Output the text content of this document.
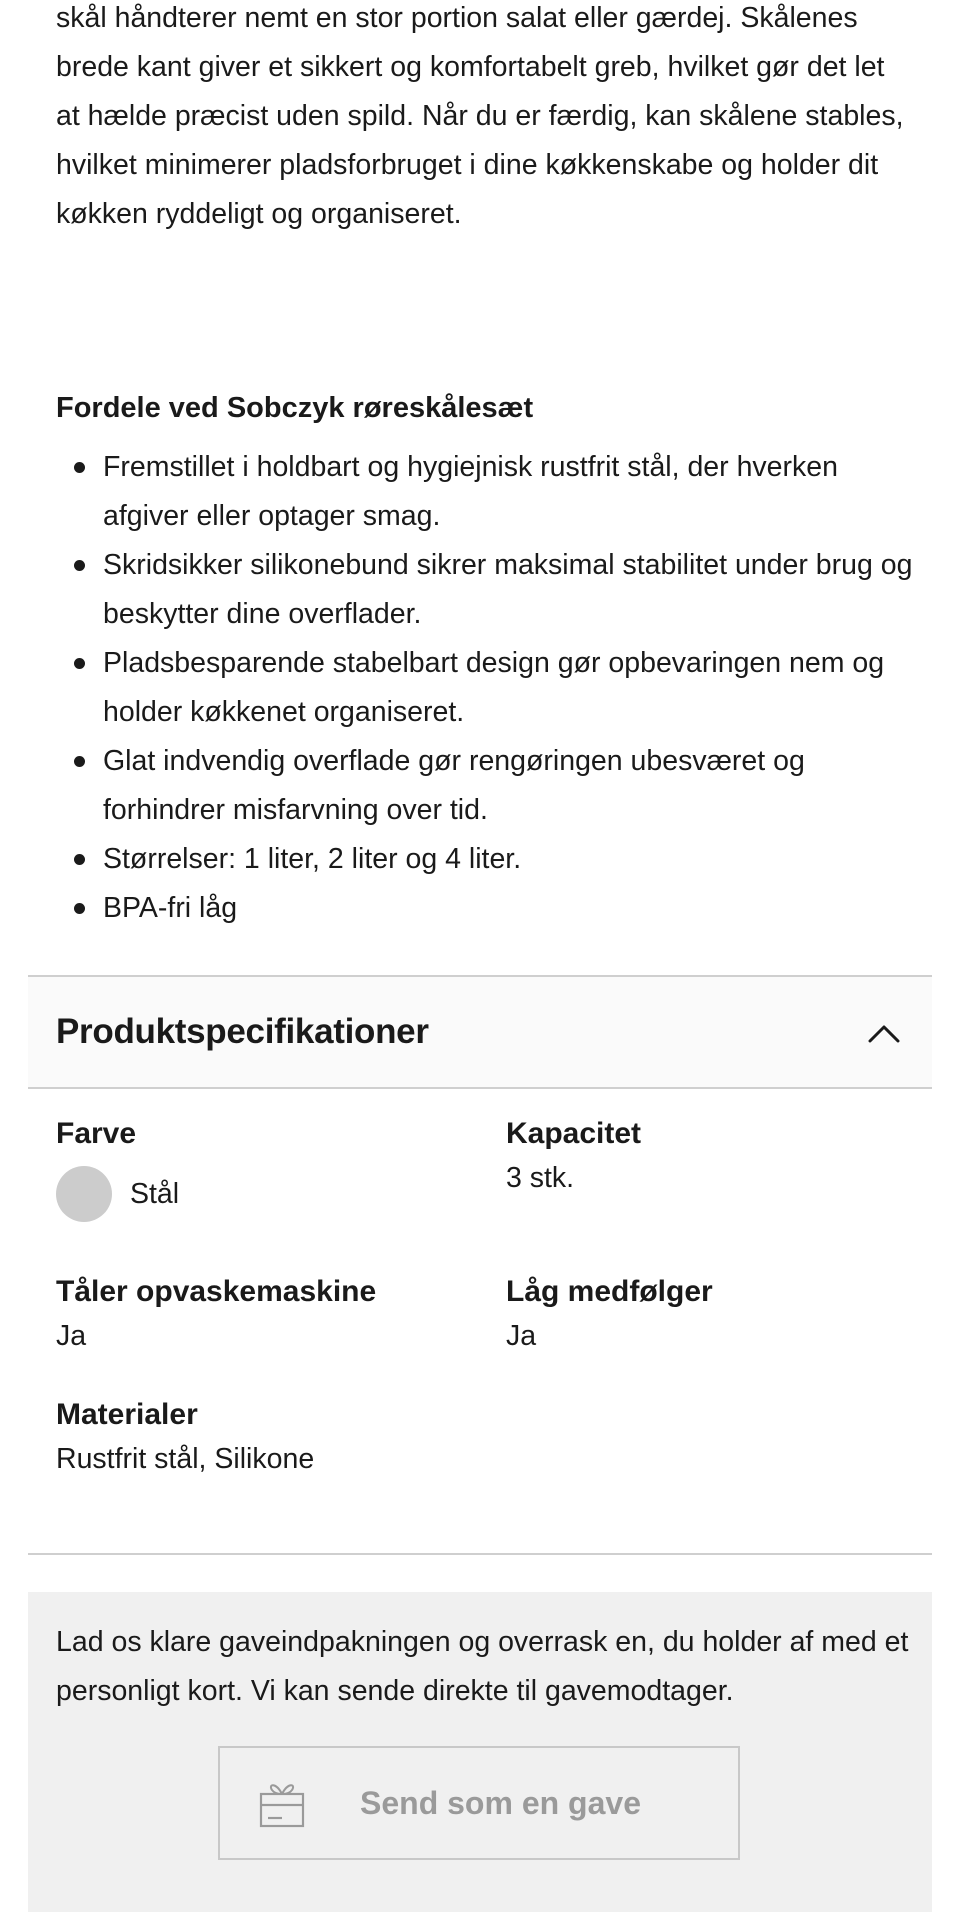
skål håndterer nemt en stor portion salat eller gærdej. Skålenes brede kant giver et sikkert og komfortabelt greb, hvilket gør det let at hælde præcist uden spild. Når du er færdig, kan skålene stables, hvilket minimerer pladsforbruget i dine køkkenskabe og holder dit køkken ryddeligt og organiseret.

Fordele ved Sobczyk røreskålesæt
Fremstillet i holdbart og hygiejnisk rustfrit stål, der hverken afgiver eller optager smag.
Skridsikker silikonebund sikrer maksimal stabilitet under brug og beskytter dine overflader.
Pladsbesparende stabelbart design gør opbevaringen nem og holder køkkenet organiseret.
Glat indvendig overflade gør rengøringen ubesværet og forhindrer misfarvning over tid.
Størrelser: 1 liter, 2 liter og 4 liter.
BPA-fri låg
Produktspecifikationer

Farve

Stål

Kapacitet

3 stk.

Tåler opvaskemaskine

Ja

Låg medfølger

Ja

Materialer

Rustfrit stål, Silikone

Lad os klare gaveindpakningen og overrask en, du holder af med et personligt kort. Vi kan sende direkte til gavemodtager.

Send som en gave
